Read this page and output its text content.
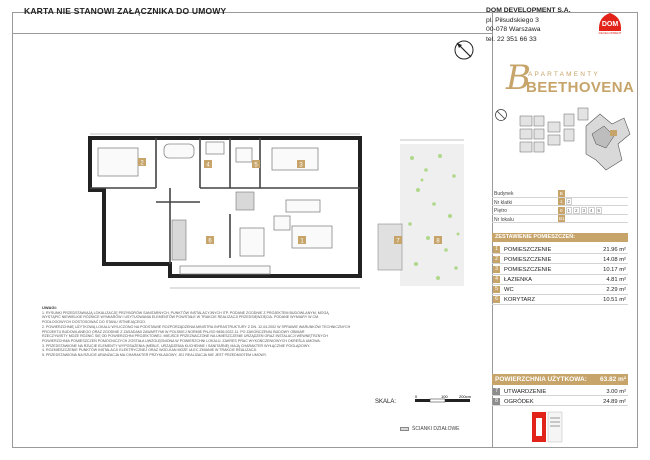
KARTA NIE STANOWI ZAŁĄCZNIKA DO UMOWY	DOM DEVELOPMENT S.A.
pl. Piłsudskiego 3
00-078 Warszawa
tel. 22 351 66 33
DOM
DEVELOPMENT
B
APARTAMENTY
BEETHOVENA
Budynek	B
Nr klatki	1	2
Piętro	0	1	2	3	4	5
Nr lokalu	B1
ZESTAWIENIE POMIESZCZEŃ:
1	POMIESZCZENIE	21.96 m²
2	POMIESZCZENIE	14.08 m²
3	POMIESZCZENIE	10.17 m²
4	ŁAZIENKA	4.81 m²
5	WC	2.29 m²
6	KORYTARZ	10.51 m²
POWIERZCHNIA UŻYTKOWA: 63.82 m²
7	UTWARDZENIE	3.00 m²
8	OGRÓDEK	24.89 m²
2	4	5	3
6	1	7	8
UWAGI:
1. RYSUNKI PRZEDSTAWIAJĄ LOKALIZACJĘ PRZYBORÓW SANITARNYCH, PUNKTÓW INSTALACYJNYCH ITP. PODANE ZGODNIE Z PROJEKTEM BUDOWLANYM, MOGĄ
WYSTĄPIĆ NIEWIELKIE RÓŻNICE WYMIARÓW I USYTUOWANIA ELEMENTÓW POWSTAŁE W TRAKCIE REALIZACJI PRZEDSIĘWZIĘCIA. PODANE WYMIARY W CM.
PODŁOGOWYCH DOSTOSOWAĆ DO STANU ISTNIEJĄCEGO.
2. POWIERZCHNIĘ UŻYTKOWĄ LOKALU WYLICZONO NA PODSTAWIE ROZPORZĄDZENIA MINISTRA INFRASTRUKTURY Z DN. 12.04.2002 W SPRAWIE WARUNKÓW TECHNICZNYCH
PROJEKTU BUDOWLANEGO ORAZ ZGODNIE Z ZASADAMI ZAWARTYMI W POLSKIEJ NORMIE PN-ISO 9836:2022-11. PO ZAKOŃCZENIU BUDOWY OBMIAR
RZECZYWISTY MOŻE RÓŻNIĆ SIĘ OD POWIERZCHNI PROJEKTOWEJ. MIEJSCE PRZEZNACZONE NA UMIESZCZENIE URZĄDZEŃ ORAZ INSTALACJI WEWNĘTRZNYCH
POWIERZCHNIA POMIESZCZEŃ POMOCNICZYCH ZOSTAŁA UWZGLĘDNIONA W POWIERZCHNI LOKALU. ZAKRES PRAC WYKOŃCZENIOWYCH OKREŚLA UMOWA.
3. PRZEDSTAWIONE NA RZUCIE ELEMENTY WYPOSAŻENIA (MEBLE, URZĄDZENIA KUCHENNE I SANITARNE) MAJĄ CHARAKTER WYŁĄCZNIE POGLĄDOWY.
4. ROZMIESZCZENIE PUNKTÓW INSTALACJI ELEKTRYCZNEJ ORAZ WOD-KAN MOŻE ULEC ZMIANIE W TRAKCIE REALIZACJI.
5. PRZEDSTAWIONA NA RZUCIE ARANŻACJA MA CHARAKTER PRZYKŁADOWY, JEJ REALIZACJA NIE JEST PRZEDMIOTEM UMOWY.
SKALA:
0	100	200cm
ŚCIANKI DZIAŁOWE
